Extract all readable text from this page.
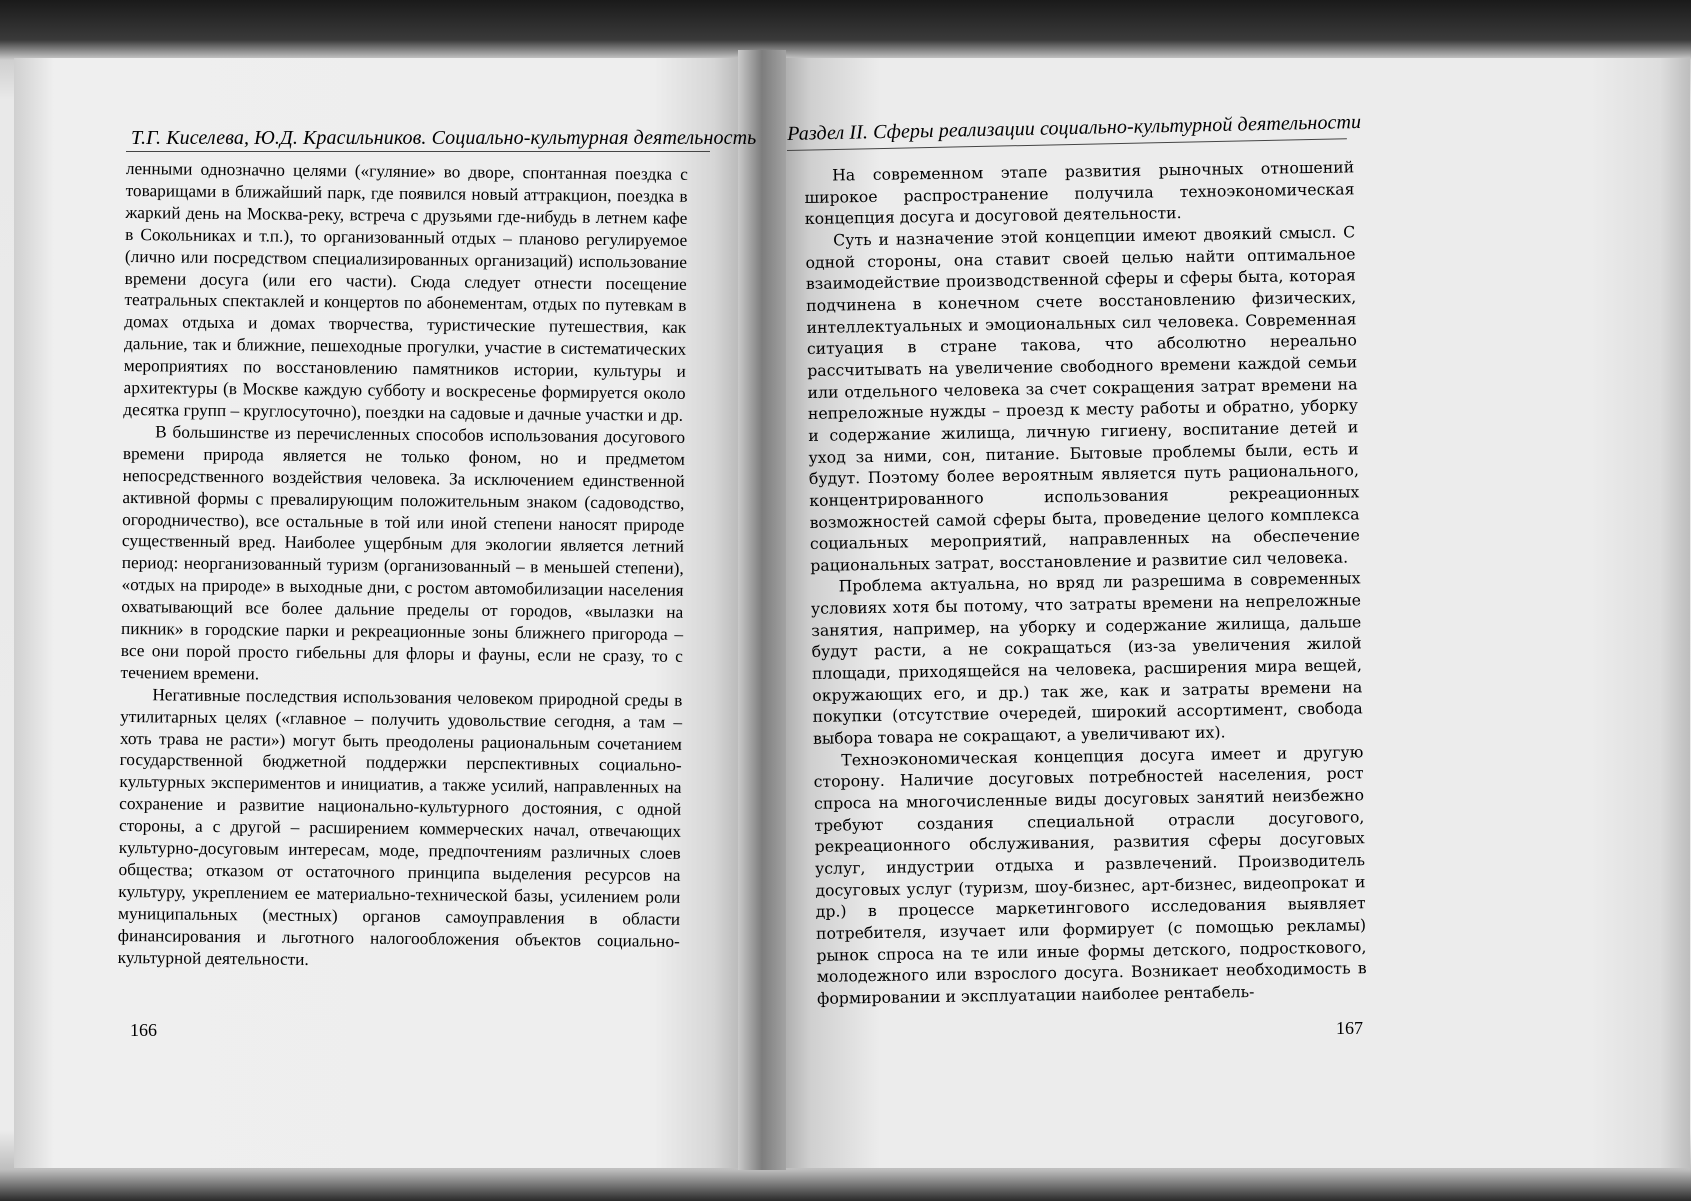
Т.Г. Киселева, Ю.Д. Красильников. Социально-культурная деятельность

ленными однозначно целями («гуляние» во дворе, спонтанная поездка с товарищами в ближайший парк, где появился новый аттракцион, поездка в жаркий день на Москва-реку, встреча с друзьями где-нибудь в летнем кафе в Сокольниках и т.п.), то организованный отдых – планово регулируемое (лично или посредством специализированных организаций) использование времени досуга (или его части). Сюда следует отнести посещение театральных спектаклей и концертов по абонементам, отдых по путевкам в домах отдыха и домах творчества, туристические путешествия, как дальние, так и ближние, пешеходные прогулки, участие в систематических мероприятиях по восстановлению памятников истории, культуры и архитектуры (в Москве каждую субботу и воскресенье формируется около десятка групп – круглосуточно), поездки на садовые и дачные участки и др.

В большинстве из перечисленных способов использования досугового времени природа является не только фоном, но и предметом непосредственного воздействия человека. За исключением единственной активной формы с превалирующим положительным знаком (садоводство, огородничество), все остальные в той или иной степени наносят природе существенный вред. Наиболее ущербным для экологии является летний период: неорганизованный туризм (организованный – в меньшей степени), «отдых на природе» в выходные дни, с ростом автомобилизации населения охватывающий все более дальние пределы от городов, «вылазки на пикник» в городские парки и рекреационные зоны ближнего пригорода – все они порой просто гибельны для флоры и фауны, если не сразу, то с течением времени.

Негативные последствия использования человеком природной среды в утилитарных целях («главное – получить удовольствие сегодня, а там – хоть трава не расти») могут быть преодолены рациональным сочетанием государственной бюджетной поддержки перспективных социально-культурных экспериментов и инициатив, а также усилий, направленных на сохранение и развитие национально-культурного достояния, с одной стороны, а с другой – расширением коммерческих начал, отвечающих культурно-досуговым интересам, моде, предпочтениям различных слоев общества; отказом от остаточного принципа выделения ресурсов на культуру, укреплением ее материально-технической базы, усилением роли муниципальных (местных) органов самоуправления в области финансирования и льготного налогообложения объектов социально-культурной деятельности.

166
Раздел II. Сферы реализации социально-культурной деятельности

На современном этапе развития рыночных отношений широкое распространение получила техноэкономическая концепция досуга и досуговой деятельности.

Суть и назначение этой концепции имеют двоякий смысл. С одной стороны, она ставит своей целью найти оптимальное взаимодействие производственной сферы и сферы быта, которая подчинена в конечном счете восстановлению физических, интеллектуальных и эмоциональных сил человека. Современная ситуация в стране такова, что абсолютно нереально рассчитывать на увеличение свободного времени каждой семьи или отдельного человека за счет сокращения затрат времени на непреложные нужды – проезд к месту работы и обратно, уборку и содержание жилища, личную гигиену, воспитание детей и уход за ними, сон, питание. Бытовые проблемы были, есть и будут. Поэтому более вероятным является путь рационального, концентрированного использования рекреационных возможностей самой сферы быта, проведение целого комплекса социальных мероприятий, направленных на обеспечение рациональных затрат, восстановление и развитие сил человека.

Проблема актуальна, но вряд ли разрешима в современных условиях хотя бы потому, что затраты времени на непреложные занятия, например, на уборку и содержание жилища, дальше будут расти, а не сокращаться (из-за увеличения жилой площади, приходящейся на человека, расширения мира вещей, окружающих его, и др.) так же, как и затраты времени на покупки (отсутствие очередей, широкий ассортимент, свобода выбора товара не сокращают, а увеличивают их).

Техноэкономическая концепция досуга имеет и другую сторону. Наличие досуговых потребностей населения, рост спроса на многочисленные виды досуговых занятий неизбежно требуют создания специальной отрасли досугового, рекреационного обслуживания, развития сферы досуговых услуг, индустрии отдыха и развлечений. Производитель досуговых услуг (туризм, шоу-бизнес, арт-бизнес, видеопрокат и др.) в процессе маркетингового исследования выявляет потребителя, изучает или формирует (с помощью рекламы) рынок спроса на те или иные формы детского, подросткового, молодежного или взрослого досуга. Возникает необходимость в формировании и эксплуатации наиболее рентабель-

167
